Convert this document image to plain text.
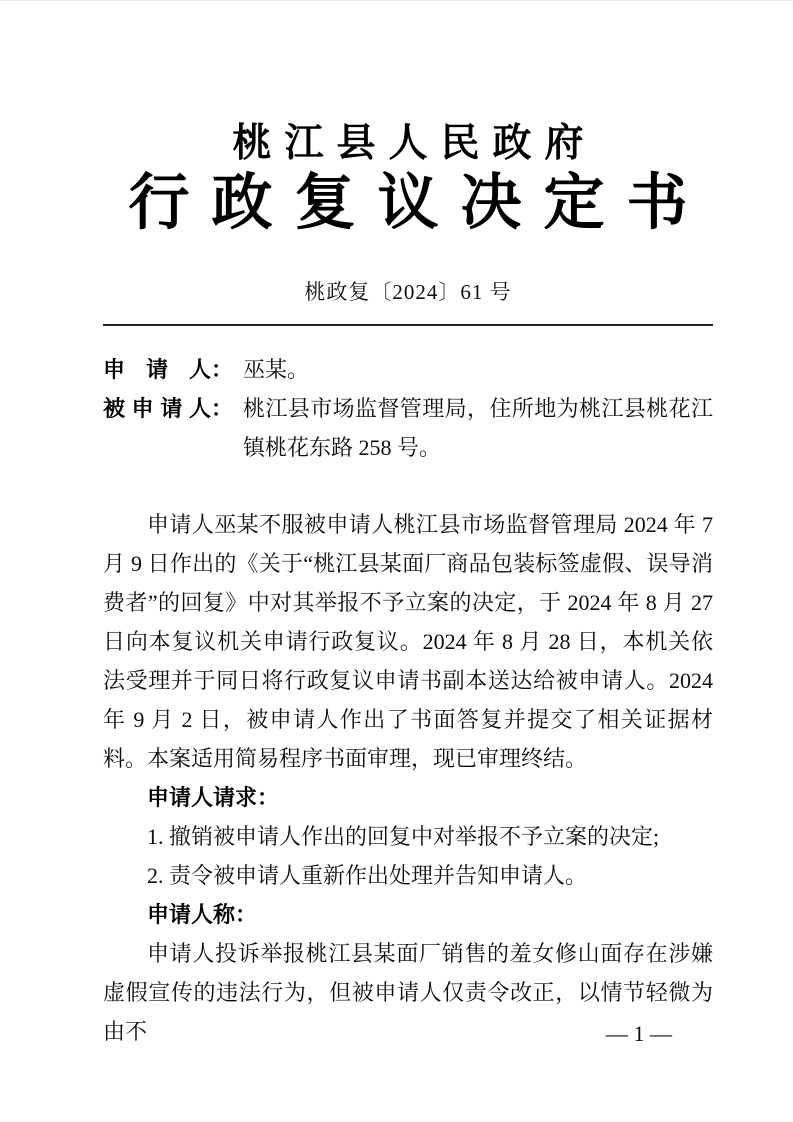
桃江县人民政府
行政复议决定书
桃政复〔2024〕61 号
申请人： 巫某。
被申请人： 桃江县市场监督管理局，住所地为桃江县桃花江镇桃花东路 258 号。

申请人巫某不服被申请人桃江县市场监督管理局 2024 年 7 月 9 日作出的《关于“桃江县某面厂商品包装标签虚假、误导消费者”的回复》中对其举报不予立案的决定，于 2024 年 8 月 27 日向本复议机关申请行政复议。2024 年 8 月 28 日，本机关依法受理并于同日将行政复议申请书副本送达给被申请人。2024 年 9 月 2 日，被申请人作出了书面答复并提交了相关证据材料。本案适用简易程序书面审理，现已审理终结。

申请人请求：

1. 撤销被申请人作出的回复中对举报不予立案的决定;

2. 责令被申请人重新作出处理并告知申请人。

申请人称：

申请人投诉举报桃江县某面厂销售的羞女修山面存在涉嫌虚假宣传的违法行为，但被申请人仅责令改正，以情节轻微为由不	— 1 —
